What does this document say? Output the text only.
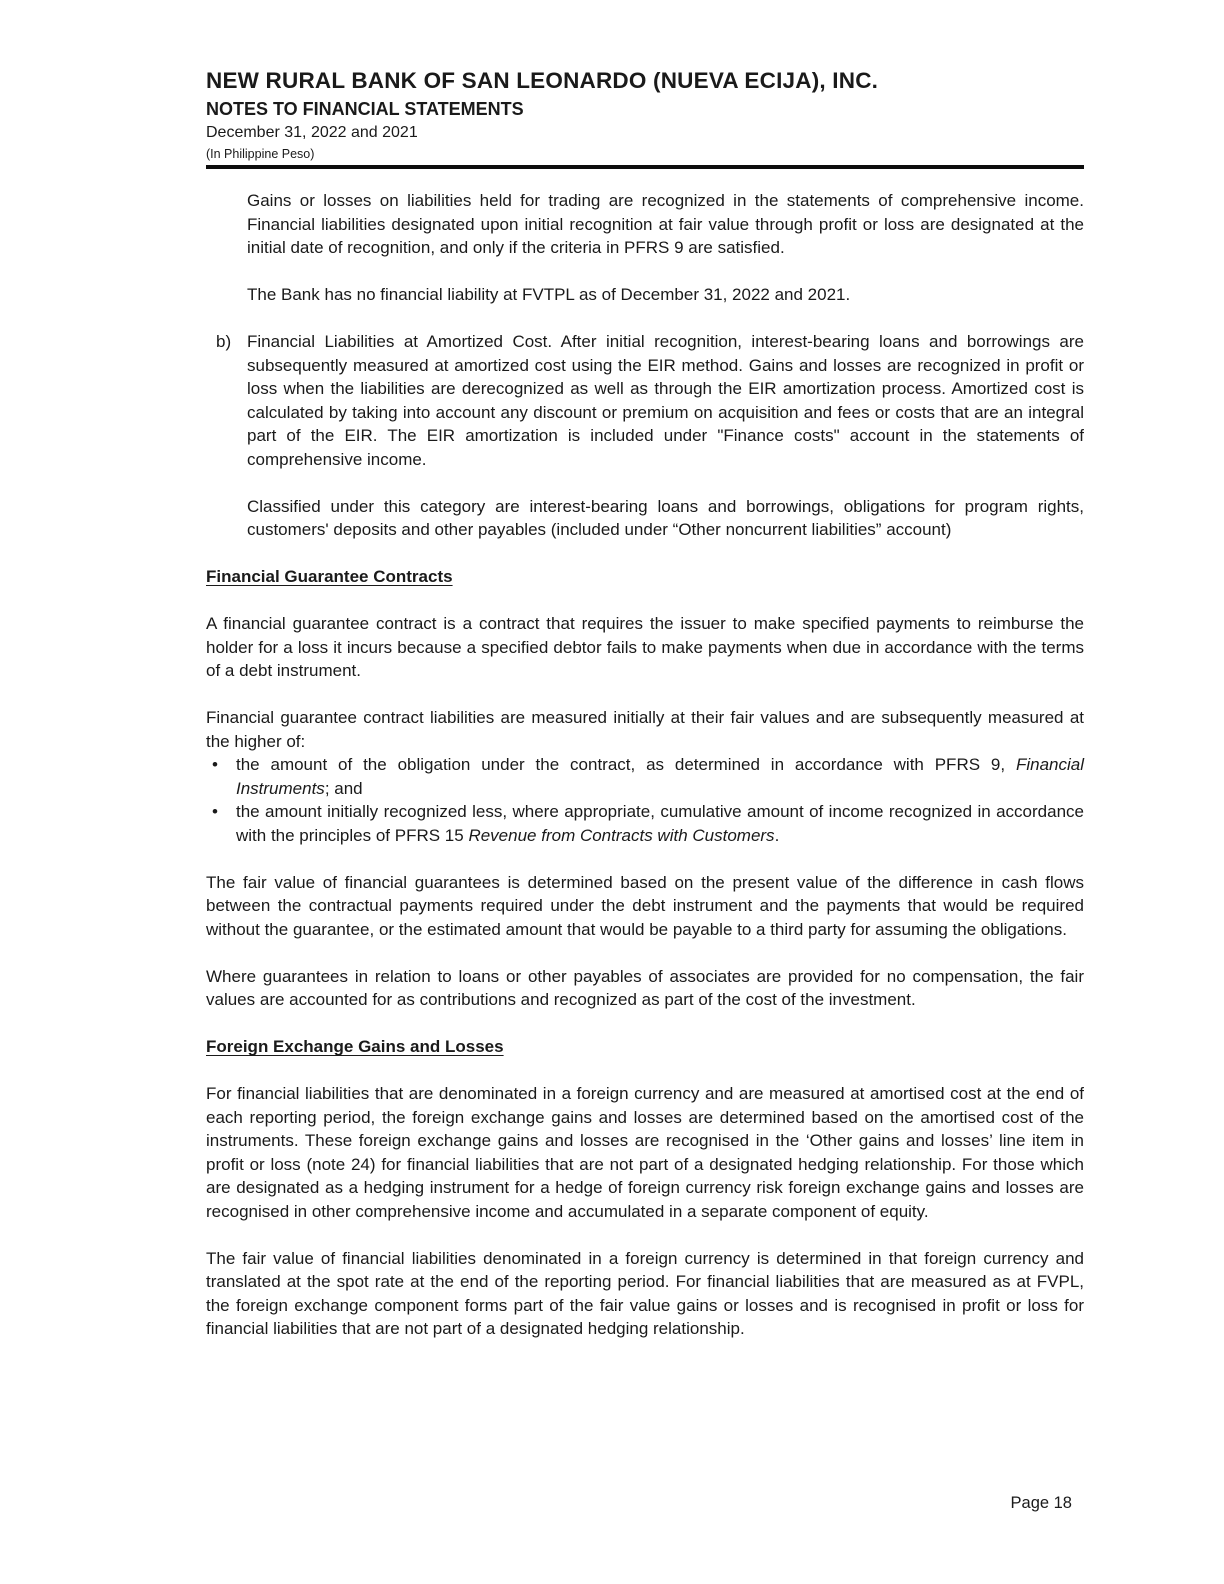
NEW RURAL BANK OF SAN LEONARDO (NUEVA ECIJA), INC.
NOTES TO FINANCIAL STATEMENTS
December 31, 2022 and 2021
(In Philippine Peso)

Gains or losses on liabilities held for trading are recognized in the statements of comprehensive income. Financial liabilities designated upon initial recognition at fair value through profit or loss are designated at the initial date of recognition, and only if the criteria in PFRS 9 are satisfied.

The Bank has no financial liability at FVTPL as of December 31, 2022 and 2021.

b) Financial Liabilities at Amortized Cost. After initial recognition, interest-bearing loans and borrowings are subsequently measured at amortized cost using the EIR method. Gains and losses are recognized in profit or loss when the liabilities are derecognized as well as through the EIR amortization process. Amortized cost is calculated by taking into account any discount or premium on acquisition and fees or costs that are an integral part of the EIR. The EIR amortization is included under "Finance costs" account in the statements of comprehensive income.

Classified under this category are interest-bearing loans and borrowings, obligations for program rights, customers' deposits and other payables (included under “Other noncurrent liabilities” account)

Financial Guarantee Contracts

A financial guarantee contract is a contract that requires the issuer to make specified payments to reimburse the holder for a loss it incurs because a specified debtor fails to make payments when due in accordance with the terms of a debt instrument.

Financial guarantee contract liabilities are measured initially at their fair values and are subsequently measured at the higher of:

• the amount of the obligation under the contract, as determined in accordance with PFRS 9, Financial Instruments; and
• the amount initially recognized less, where appropriate, cumulative amount of income recognized in accordance with the principles of PFRS 15 Revenue from Contracts with Customers.

The fair value of financial guarantees is determined based on the present value of the difference in cash flows between the contractual payments required under the debt instrument and the payments that would be required without the guarantee, or the estimated amount that would be payable to a third party for assuming the obligations.

Where guarantees in relation to loans or other payables of associates are provided for no compensation, the fair values are accounted for as contributions and recognized as part of the cost of the investment.

Foreign Exchange Gains and Losses

For financial liabilities that are denominated in a foreign currency and are measured at amortised cost at the end of each reporting period, the foreign exchange gains and losses are determined based on the amortised cost of the instruments. These foreign exchange gains and losses are recognised in the ‘Other gains and losses’ line item in profit or loss (note 24) for financial liabilities that are not part of a designated hedging relationship. For those which are designated as a hedging instrument for a hedge of foreign currency risk foreign exchange gains and losses are recognised in other comprehensive income and accumulated in a separate component of equity.

The fair value of financial liabilities denominated in a foreign currency is determined in that foreign currency and translated at the spot rate at the end of the reporting period. For financial liabilities that are measured as at FVPL, the foreign exchange component forms part of the fair value gains or losses and is recognised in profit or loss for financial liabilities that are not part of a designated hedging relationship.

Page 18
